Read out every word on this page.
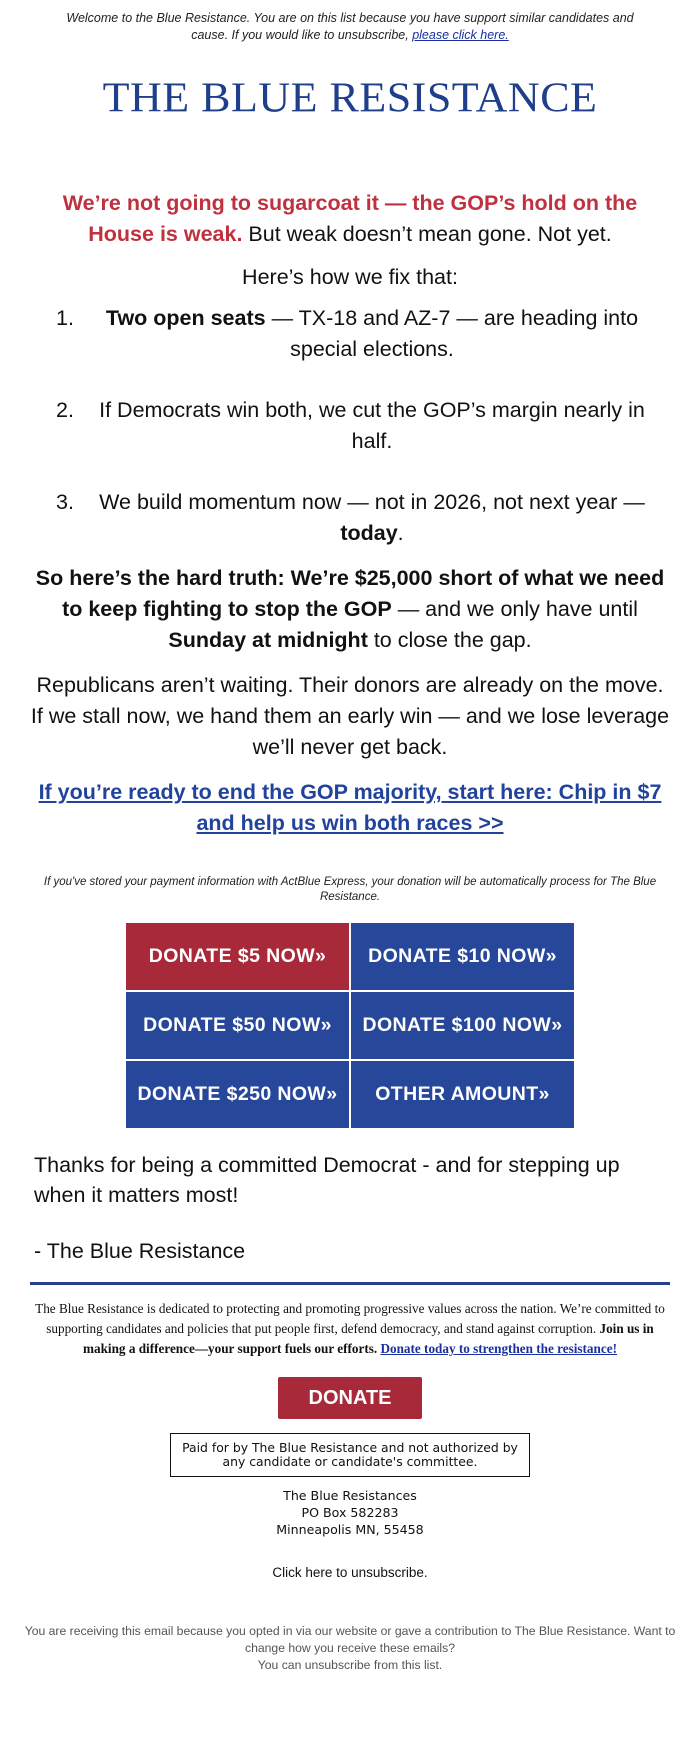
Welcome to the Blue Resistance. You are on this list because you have support similar candidates and cause. If you would like to unsubscribe, please click here.
THE BLUE RESISTANCE

We’re not going to sugarcoat it — the GOP’s hold on the House is weak. But weak doesn’t mean gone. Not yet.

Here’s how we fix that:

1.	Two open seats — TX-18 and AZ-7 — are heading into special elections.
2.	If Democrats win both, we cut the GOP’s margin nearly in half.
3.	We build momentum now — not in 2026, not next year — today.

So here’s the hard truth: We’re $25,000 short of what we need to keep fighting to stop the GOP — and we only have until Sunday at midnight to close the gap.

Republicans aren’t waiting. Their donors are already on the move. If we stall now, we hand them an early win — and we lose leverage we’ll never get back.

If you’re ready to end the GOP majority, start here: Chip in $7 and help us win both races >>

If you've stored your payment information with ActBlue Express, your donation will be automatically process for The Blue Resistance.

DONATE $5 NOW»	DONATE $10 NOW»
DONATE $50 NOW»	DONATE $100 NOW»
DONATE $250 NOW»	OTHER AMOUNT»

Thanks for being a committed Democrat - and for stepping up when it matters most!

- The Blue Resistance

The Blue Resistance is dedicated to protecting and promoting progressive values across the nation. We’re committed to supporting candidates and policies that put people first, defend democracy, and stand against corruption. Join us in making a difference—your support fuels our efforts. Donate today to strengthen the resistance!

DONATE
Paid for by The Blue Resistance and not authorized by any candidate or candidate's committee.
The Blue Resistances
PO Box 582283
Minneapolis MN, 55458

Click here to unsubscribe.

You are receiving this email because you opted in via our website or gave a contribution to The Blue Resistance. Want to change how you receive these emails?
You can unsubscribe from this list.
